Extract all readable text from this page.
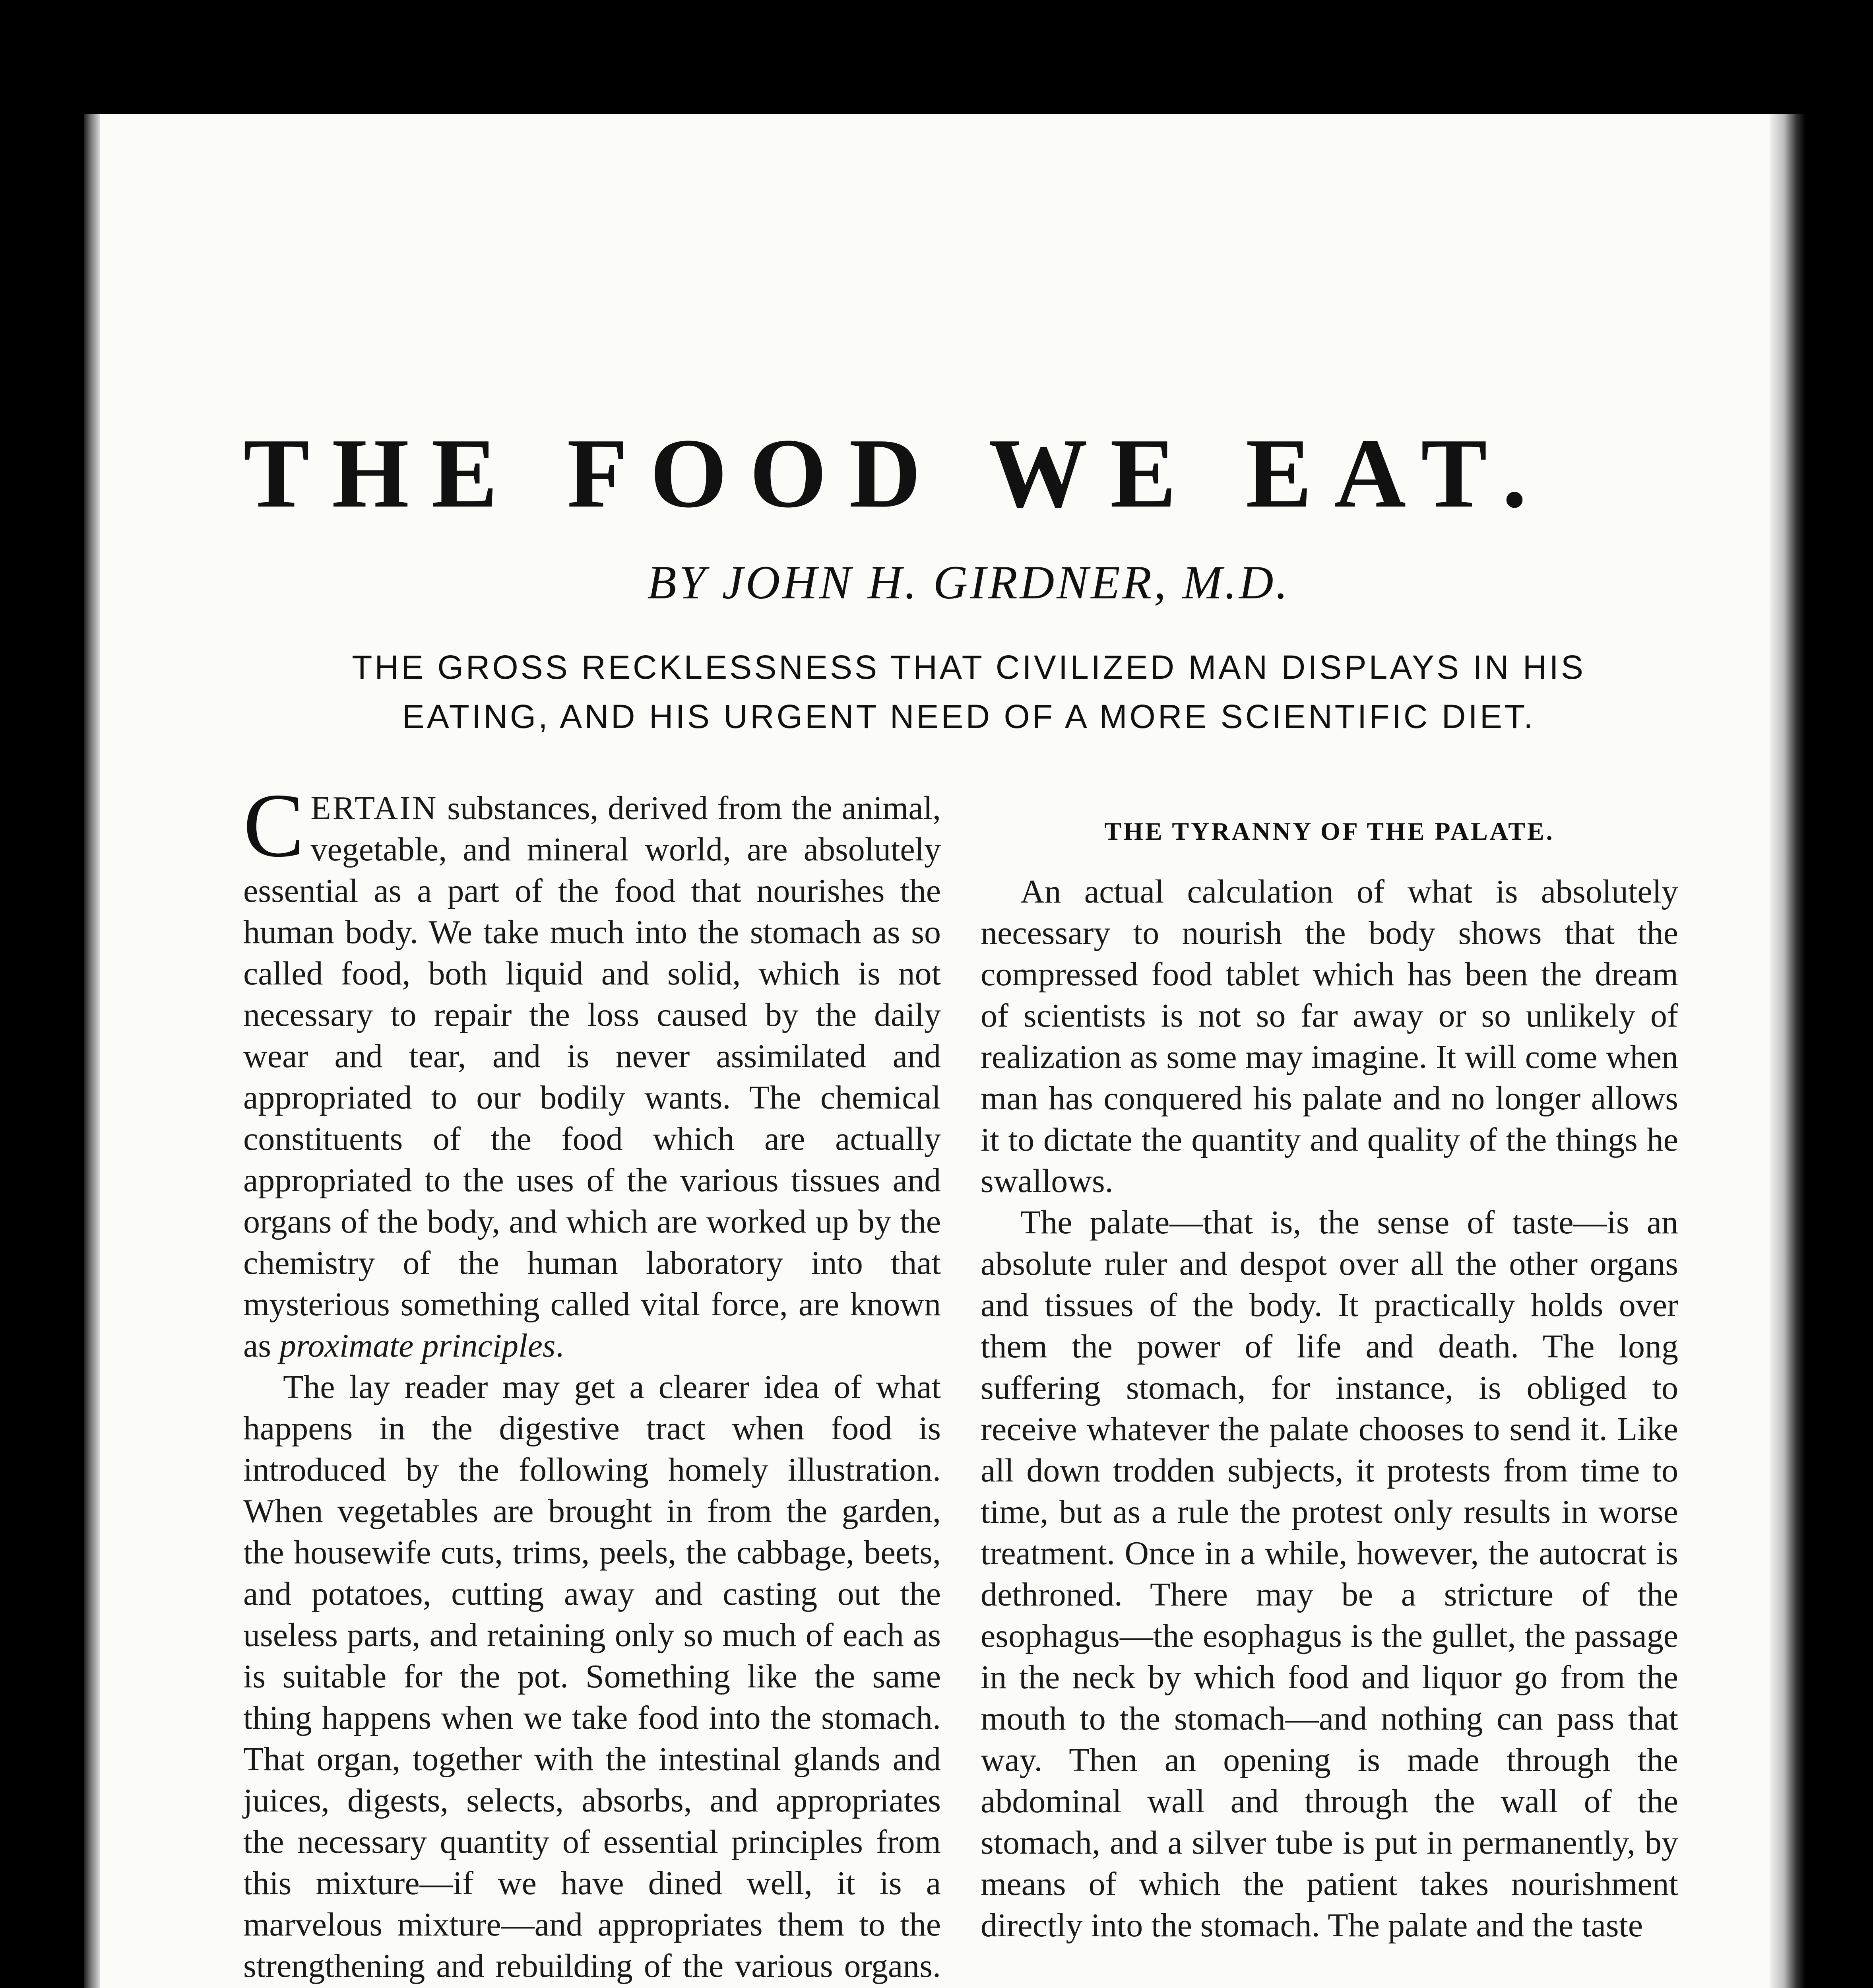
THE FOOD WE EAT.
BY JOHN H. GIRDNER, M.D.
THE GROSS RECKLESSNESS THAT CIVILIZED MAN DISPLAYS IN HIS
EATING, AND HIS URGENT NEED OF A MORE SCIENTIFIC DIET.

CERTAIN substances, derived from the animal, vegetable, and mineral world, are absolutely essential as a part of the food that nourishes the human body. We take much into the stomach as so called food, both liquid and solid, which is not necessary to repair the loss caused by the daily wear and tear, and is never assimilated and appropriated to our bodily wants. The chemical constituents of the food which are actually appropriated to the uses of the various tissues and organs of the body, and which are worked up by the chemistry of the human laboratory into that mysterious something called vital force, are known as proximate principles.

The lay reader may get a clearer idea of what happens in the digestive tract when food is introduced by the following homely illustration. When vegetables are brought in from the garden, the housewife cuts, trims, peels, the cabbage, beets, and potatoes, cutting away and casting out the useless parts, and retaining only so much of each as is suitable for the pot. Something like the same thing happens when we take food into the stomach. That organ, together with the intestinal glands and juices, digests, selects, absorbs, and appropriates the necessary quantity of essential principles from this mixture—if we have dined well, it is a marvelous mixture—and appropriates them to the strengthening and rebuilding of the various organs.

THE TYRANNY OF THE PALATE.

An actual calculation of what is absolutely necessary to nourish the body shows that the compressed food tablet which has been the dream of scientists is not so far away or so unlikely of realization as some may imagine. It will come when man has conquered his palate and no longer allows it to dictate the quantity and quality of the things he swallows.

The palate—that is, the sense of taste—is an absolute ruler and despot over all the other organs and tissues of the body. It practically holds over them the power of life and death. The long suffering stomach, for instance, is obliged to receive whatever the palate chooses to send it. Like all down trodden subjects, it protests from time to time, but as a rule the protest only results in worse treatment. Once in a while, however, the autocrat is dethroned. There may be a stricture of the esophagus—the esophagus is the gullet, the passage in the neck by which food and liquor go from the mouth to the stomach—and nothing can pass that way. Then an opening is made through the abdominal wall and through the wall of the stomach, and a silver tube is put in permanently, by means of which the patient takes nourishment directly into the stomach. The palate and the taste
